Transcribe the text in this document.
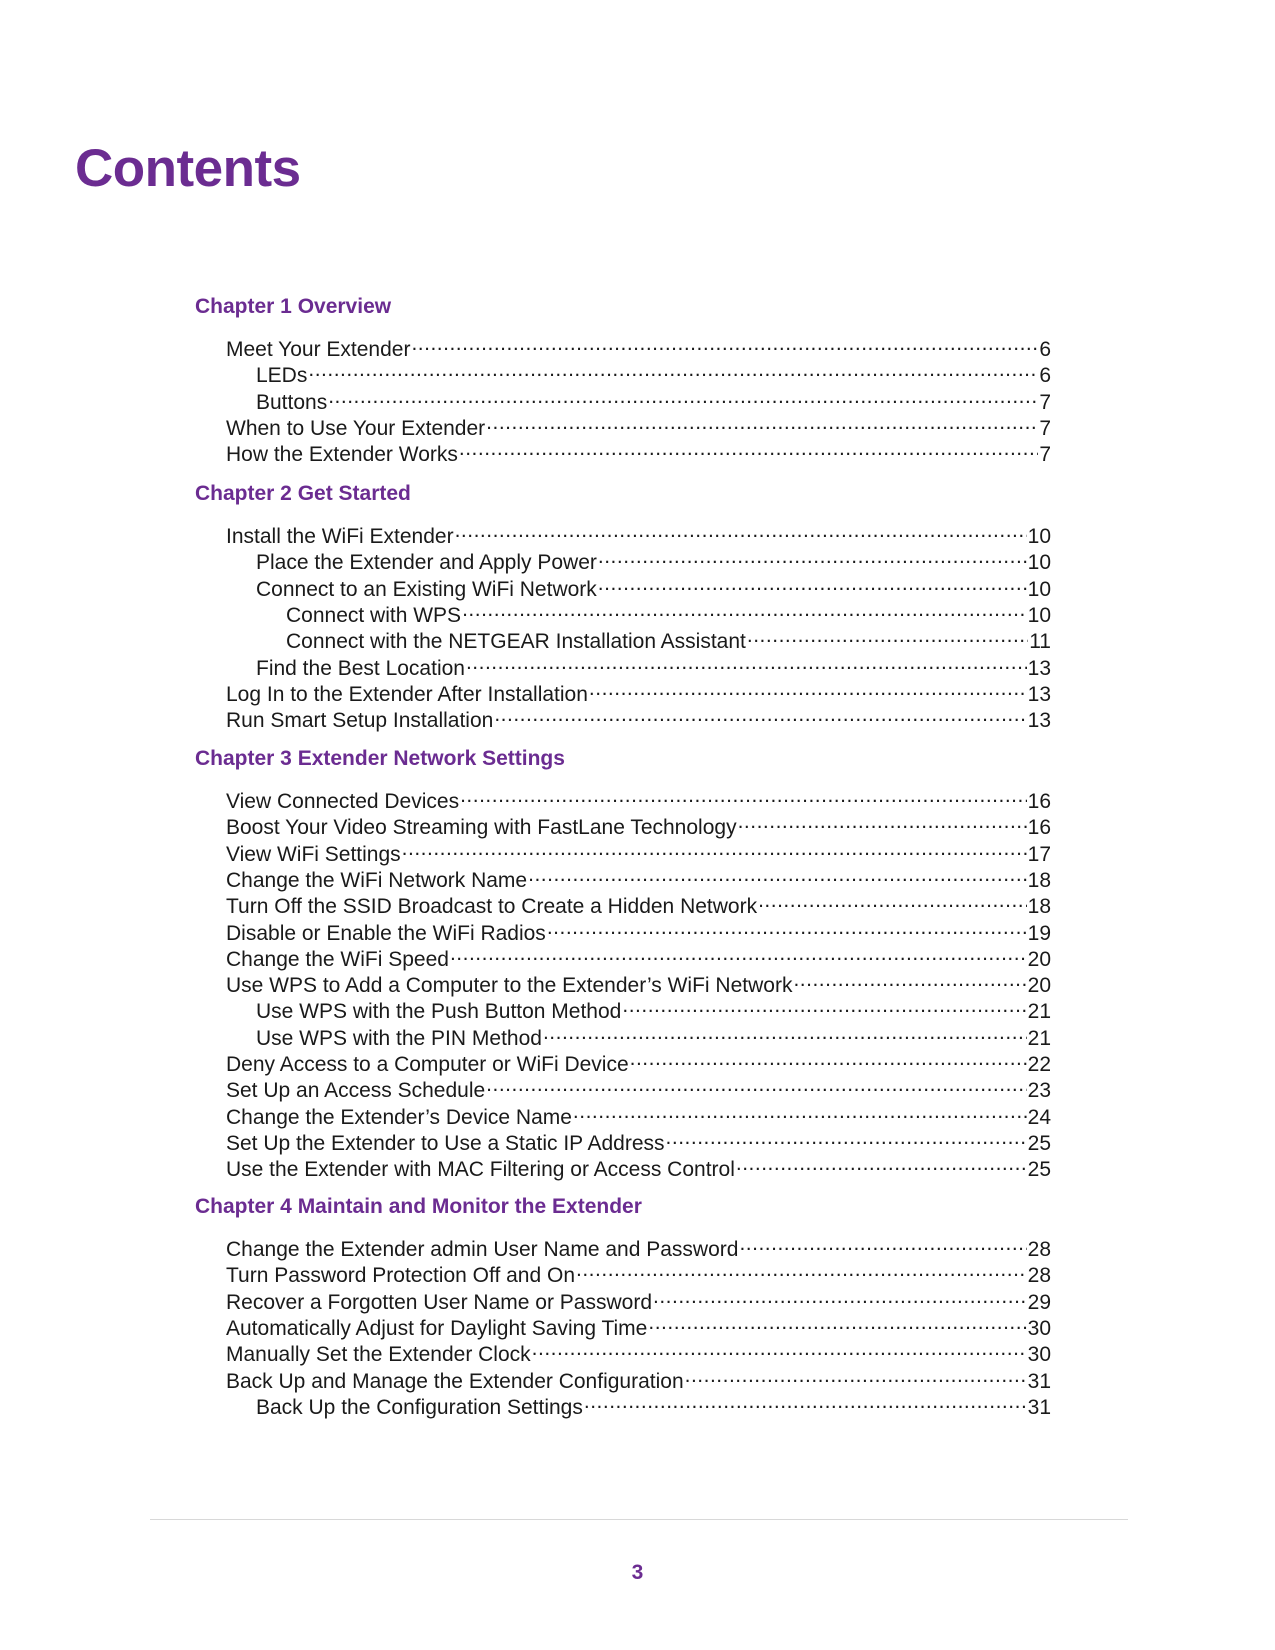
Contents
Chapter 1 Overview
Meet Your Extender .....	6
LEDs .....	6
Buttons .....	7
When to Use Your Extender .....	7
How the Extender Works .....	7
Chapter 2 Get Started
Install the WiFi Extender .....	10
Place the Extender and Apply Power .....	10
Connect to an Existing WiFi Network .....	10
Connect with WPS .....	10
Connect with the NETGEAR Installation Assistant .....	11
Find the Best Location .....	13
Log In to the Extender After Installation .....	13
Run Smart Setup Installation .....	13
Chapter 3 Extender Network Settings
View Connected Devices .....	16
Boost Your Video Streaming with FastLane Technology .....	16
View WiFi Settings .....	17
Change the WiFi Network Name .....	18
Turn Off the SSID Broadcast to Create a Hidden Network .....	18
Disable or Enable the WiFi Radios .....	19
Change the WiFi Speed .....	20
Use WPS to Add a Computer to the Extender’s WiFi Network .....	20
Use WPS with the Push Button Method .....	21
Use WPS with the PIN Method .....	21
Deny Access to a Computer or WiFi Device .....	22
Set Up an Access Schedule .....	23
Change the Extender’s Device Name .....	24
Set Up the Extender to Use a Static IP Address .....	25
Use the Extender with MAC Filtering or Access Control .....	25
Chapter 4 Maintain and Monitor the Extender
Change the Extender admin User Name and Password .....	28
Turn Password Protection Off and On .....	28
Recover a Forgotten User Name or Password .....	29
Automatically Adjust for Daylight Saving Time .....	30
Manually Set the Extender Clock .....	30
Back Up and Manage the Extender Configuration .....	31
Back Up the Configuration Settings .....	31
3
